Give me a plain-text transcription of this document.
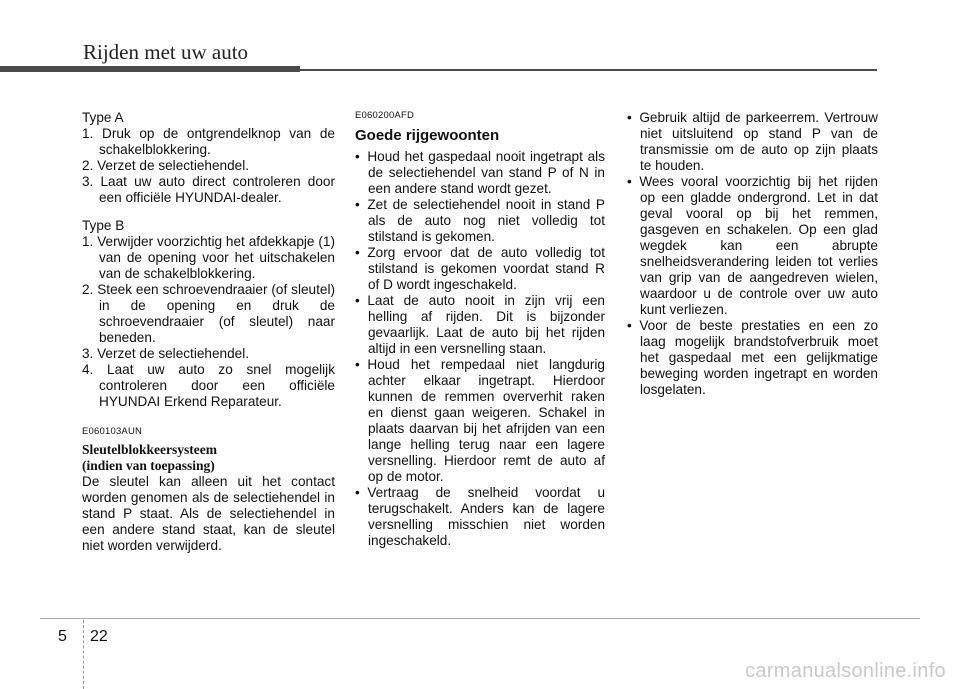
Rijden met uw auto

Type A

1. Druk op de ontgrendelknop van de schakelblokkering.

2. Verzet de selectiehendel.

3. Laat uw auto direct controleren door een officiële HYUNDAI-dealer.

Type B

1. Verwijder voorzichtig het afdekkapje (1) van de opening voor het uitschakelen van de schakelblokkering.

2. Steek een schroevendraaier (of sleutel) in de opening en druk de schroevendraaier (of sleutel) naar beneden.

3. Verzet de selectiehendel.

4. Laat uw auto zo snel mogelijk controleren door een officiële HYUNDAI Erkend Reparateur.

E060103AUN

Sleutelblokkeersysteem

(indien van toepassing)

De sleutel kan alleen uit het contact worden genomen als de selectiehendel in stand P staat. Als de selectiehendel in een andere stand staat, kan de sleutel niet worden verwijderd.

E060200AFD

Goede rijgewoonten

•  Houd het gaspedaal nooit ingetrapt als de selectiehendel van stand P of N in een andere stand wordt gezet.

•  Zet de selectiehendel nooit in stand P als de auto nog niet volledig tot stilstand is gekomen.

•  Zorg ervoor dat de auto volledig tot stilstand is gekomen voordat stand R of D wordt ingeschakeld.

•  Laat de auto nooit in zijn vrij een helling af rijden. Dit is bijzonder gevaarlijk. Laat de auto bij het rijden altijd in een versnelling staan.

•  Houd het rempedaal niet langdurig achter elkaar ingetrapt. Hierdoor kunnen de remmen oververhit raken en dienst gaan weigeren. Schakel in plaats daarvan bij het afrijden van een lange helling terug naar een lagere versnelling. Hierdoor remt de auto af op de motor.

•  Vertraag de snelheid voordat u terugschakelt. Anders kan de lagere versnelling misschien niet worden ingeschakeld.

•  Gebruik altijd de parkeerrem. Vertrouw niet uitsluitend op stand P van de transmissie om de auto op zijn plaats te houden.

•  Wees vooral voorzichtig bij het rijden op een gladde ondergrond. Let in dat geval vooral op bij het remmen, gasgeven en schakelen. Op een glad wegdek kan een abrupte snelheidsverandering leiden tot verlies van grip van de aangedreven wielen, waardoor u de controle over uw auto kunt verliezen.

•  Voor de beste prestaties en een zo laag mogelijk brandstofverbruik moet het gaspedaal met een gelijkmatige beweging worden ingetrapt en worden losgelaten.

5 22
carmanualsonline.info
